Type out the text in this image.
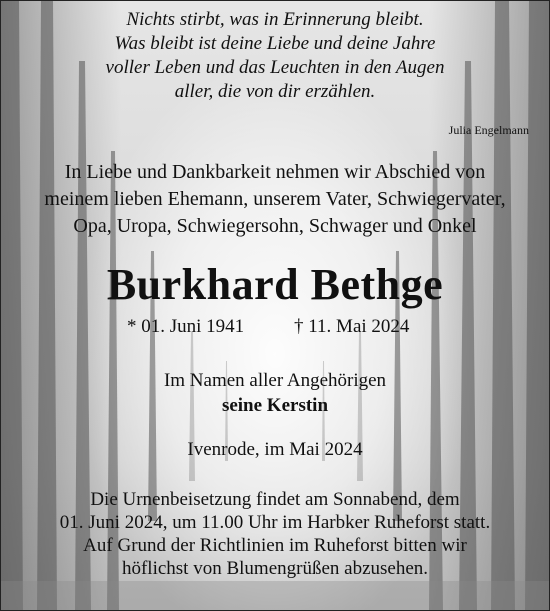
Nichts stirbt, was in Erinnerung bleibt.
Was bleibt ist deine Liebe und deine Jahre
voller Leben und das Leuchten in den Augen
aller, die von dir erzählen.
Julia Engelmann
In Liebe und Dankbarkeit nehmen wir Abschied von
meinem lieben Ehemann, unserem Vater, Schwiegervater,
Opa, Uropa, Schwiegersohn, Schwager und Onkel
Burkhard Bethge
* 01. Juni 1941	† 11. Mai 2024
Im Namen aller Angehörigen
seine Kerstin
Ivenrode, im Mai 2024
Die Urnenbeisetzung findet am Sonnabend, dem
01. Juni 2024, um 11.00 Uhr im Harbker Ruheforst statt.
Auf Grund der Richtlinien im Ruheforst bitten wir
höflichst von Blumengrüßen abzusehen.
